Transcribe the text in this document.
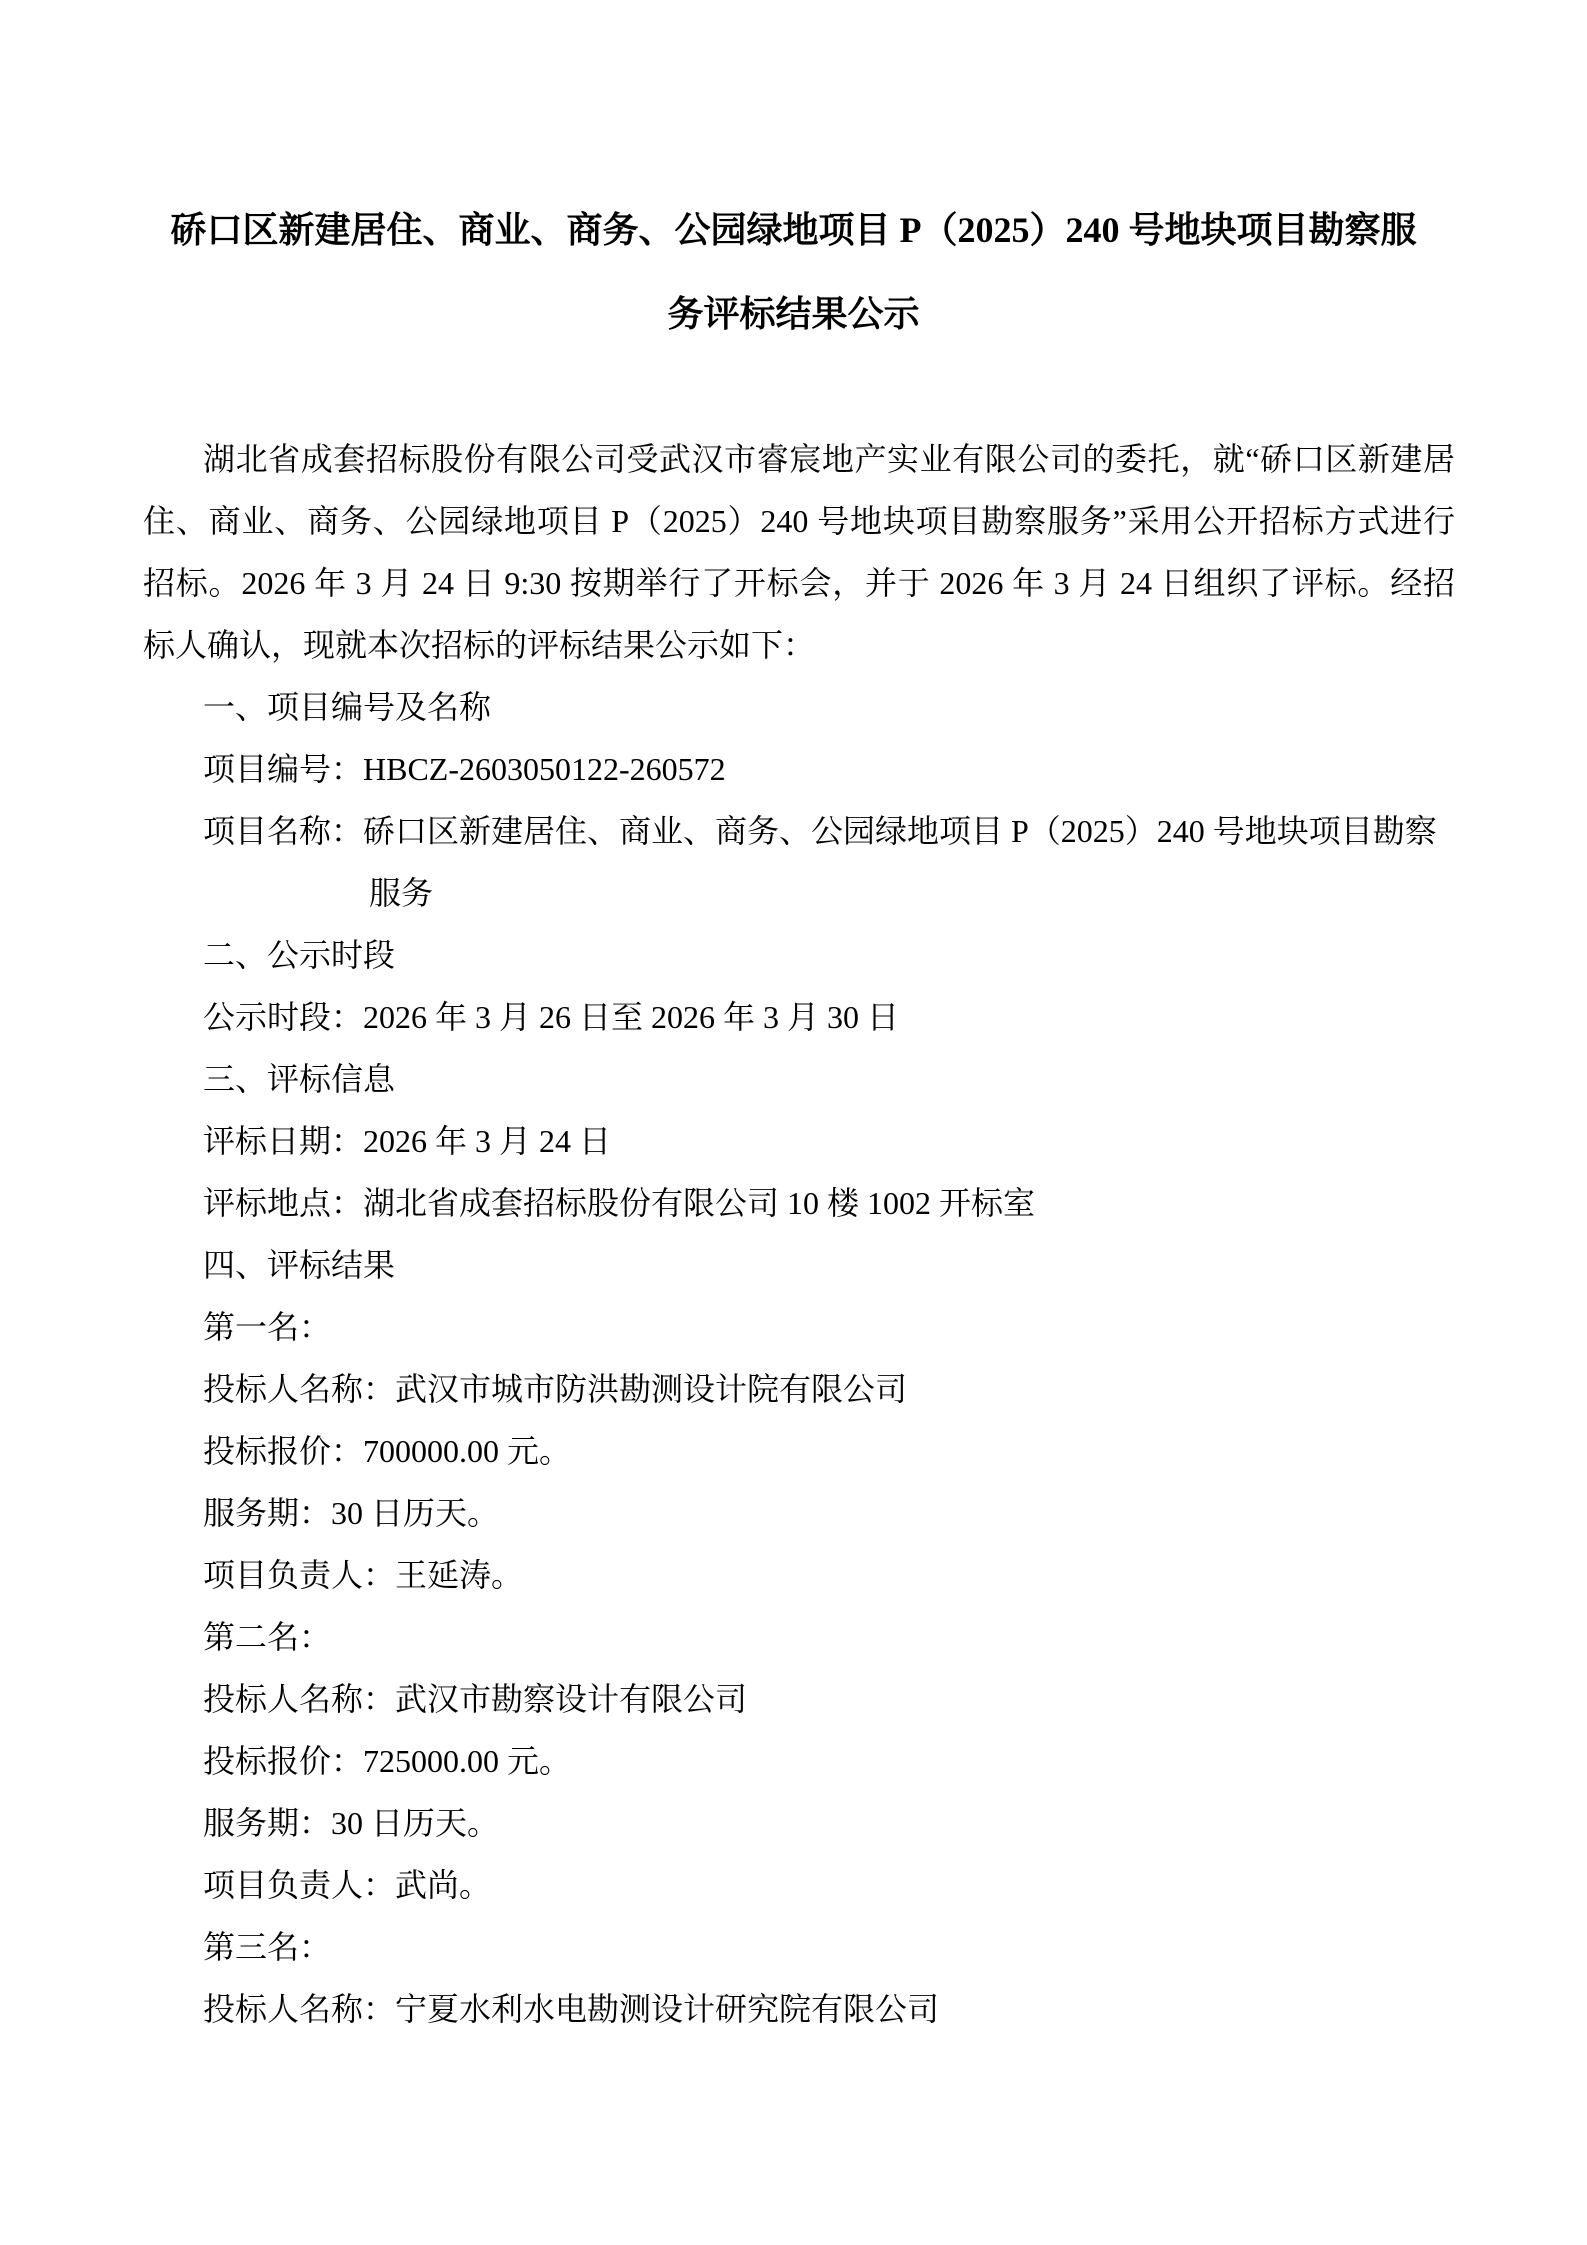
硚口区新建居住、商业、商务、公园绿地项目 P（2025）240 号地块项目勘察服
务评标结果公示
湖北省成套招标股份有限公司受武汉市睿宸地产实业有限公司的委托，就“硚口区新建居
住、商业、商务、公园绿地项目 P（2025）240 号地块项目勘察服务”采用公开招标方式进行
招标。2026 年 3 月 24 日 9:30 按期举行了开标会，并于 2026 年 3 月 24 日组织了评标。经招
标人确认，现就本次招标的评标结果公示如下：
一、项目编号及名称
项目编号：HBCZ-2603050122-260572
项目名称：硚口区新建居住、商业、商务、公园绿地项目 P（2025）240 号地块项目勘察
服务
二、公示时段
公示时段：2026 年 3 月 26 日至 2026 年 3 月 30 日
三、评标信息
评标日期：2026 年 3 月 24 日
评标地点：湖北省成套招标股份有限公司 10 楼 1002 开标室
四、评标结果
第一名：
投标人名称：武汉市城市防洪勘测设计院有限公司
投标报价：700000.00 元。
服务期：30 日历天。
项目负责人：王延涛。
第二名：
投标人名称：武汉市勘察设计有限公司
投标报价：725000.00 元。
服务期：30 日历天。
项目负责人：武尚。
第三名：
投标人名称：宁夏水利水电勘测设计研究院有限公司
